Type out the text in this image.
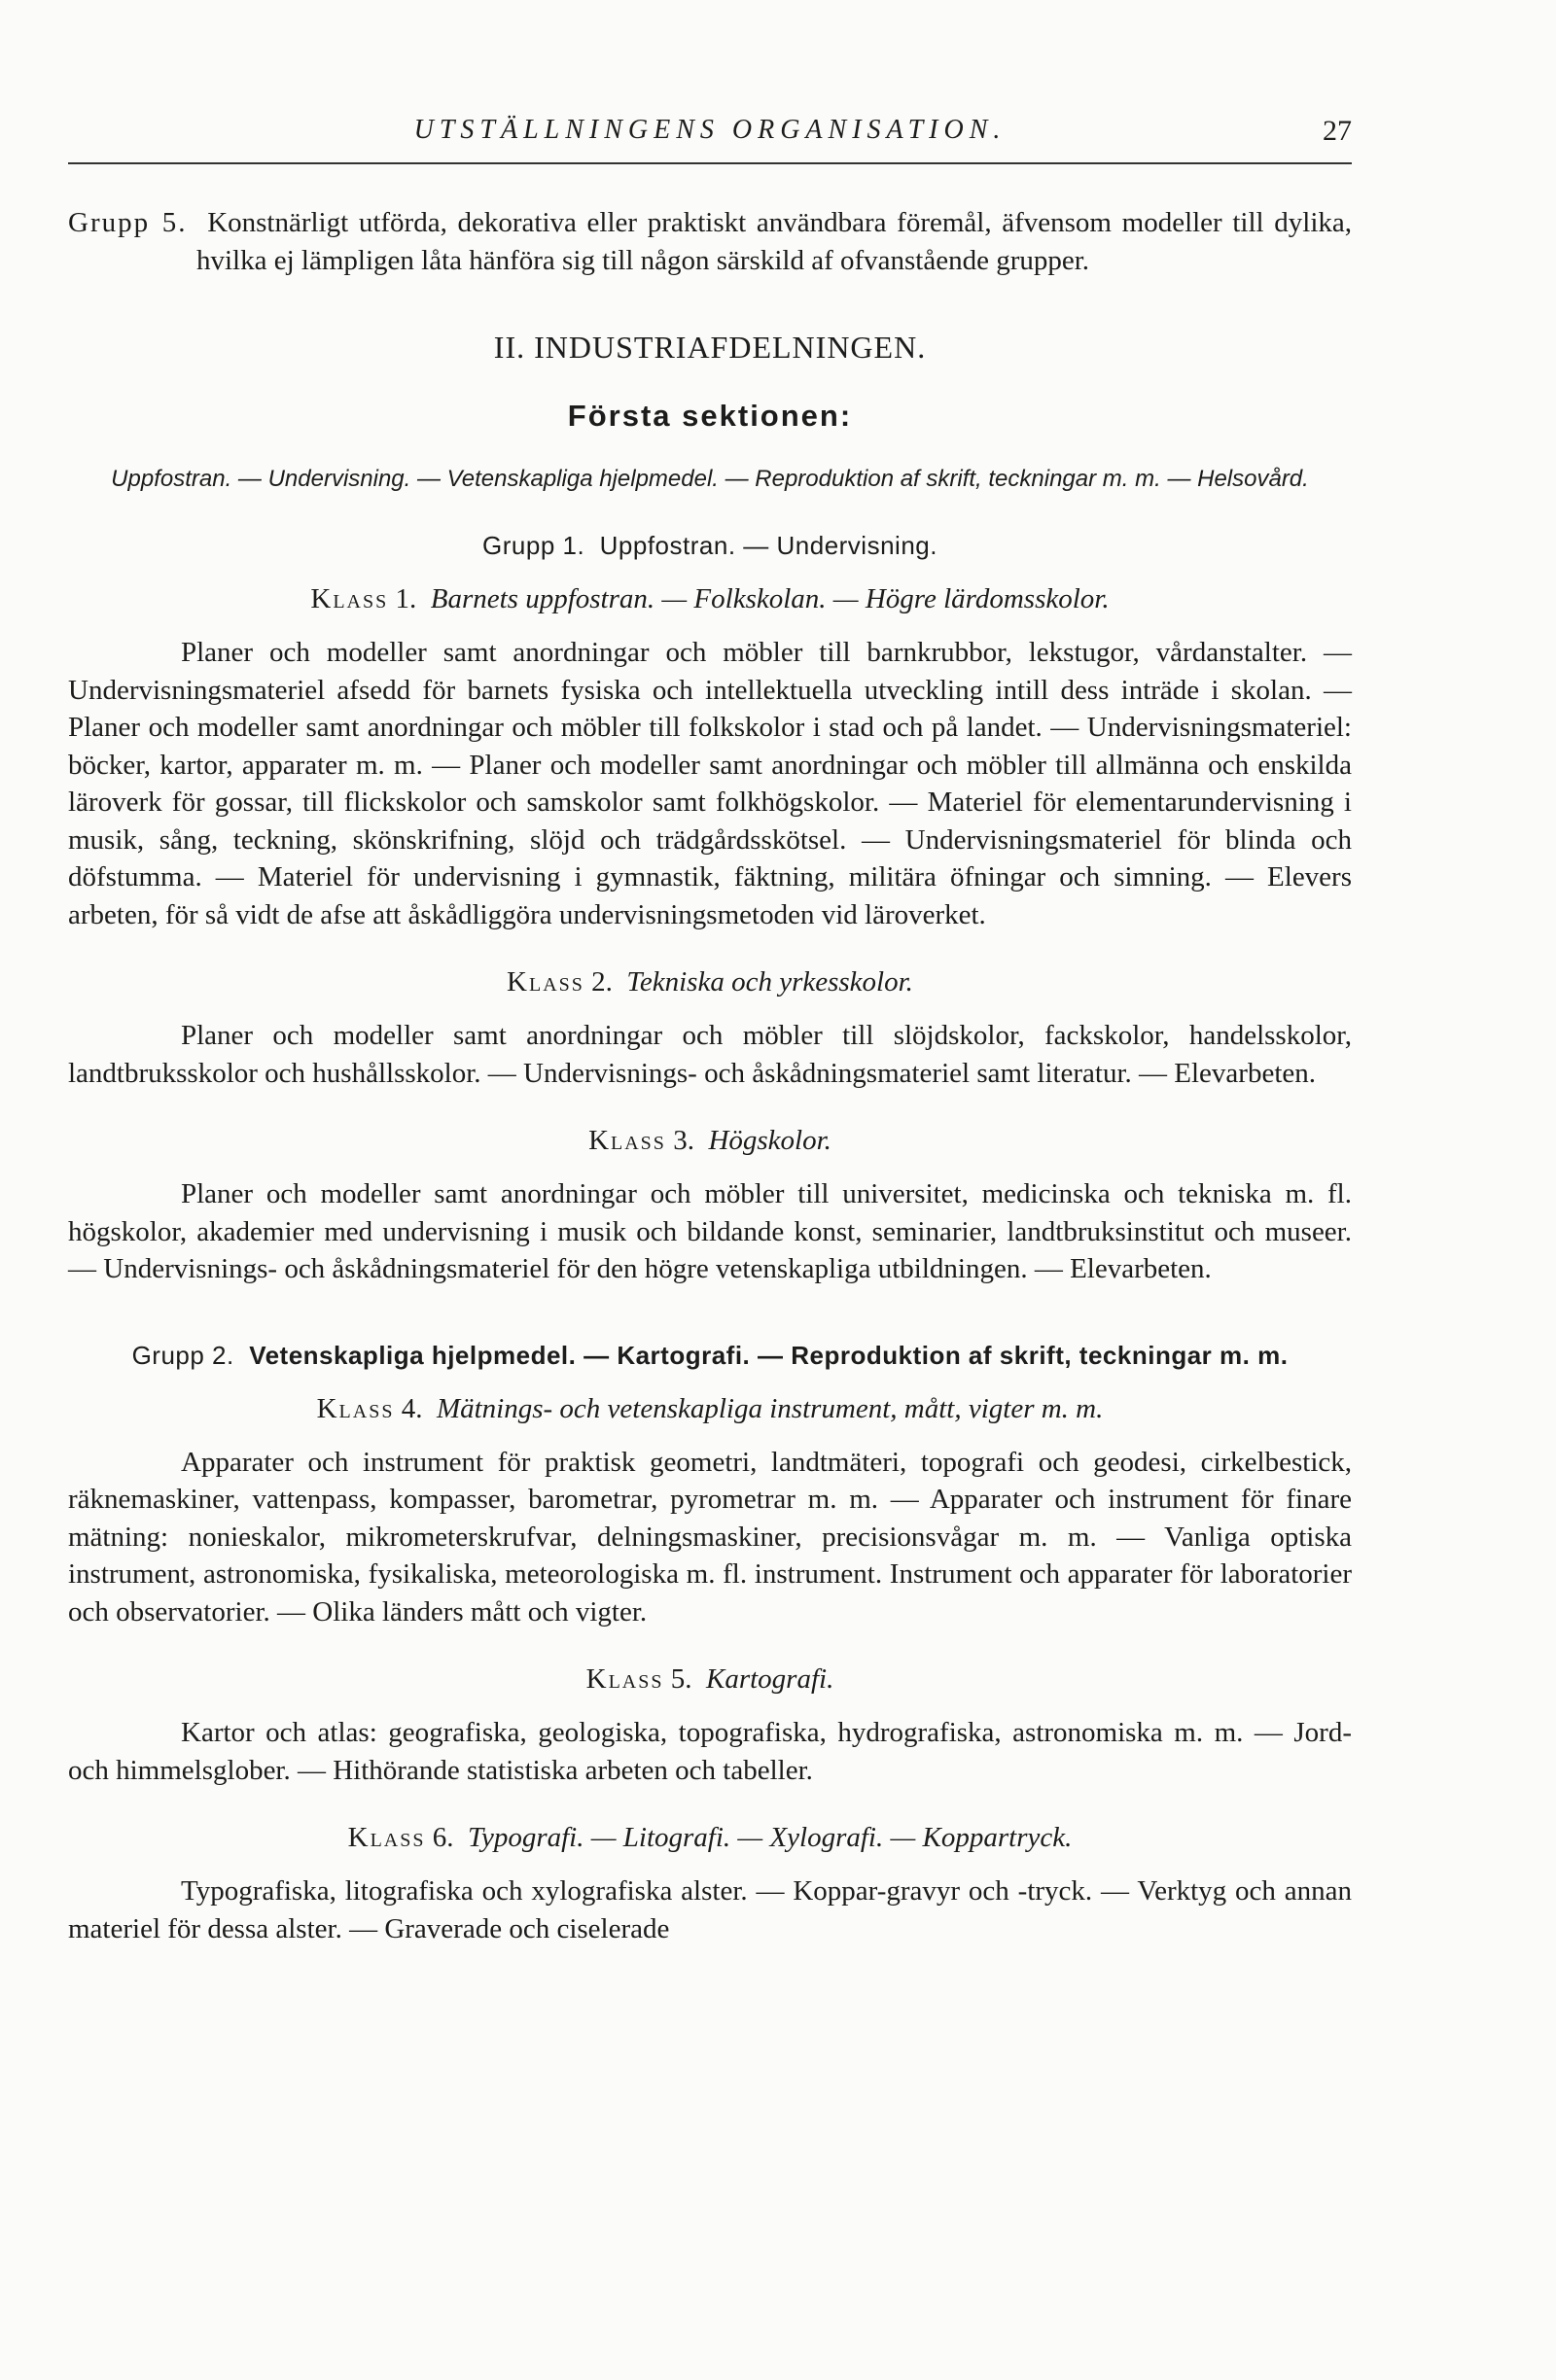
UTSTÄLLNINGENS ORGANISATION.	27

Grupp 5. Konstnärligt utförda, dekorativa eller praktiskt användbara föremål, äfvensom modeller till dylika, hvilka ej lämpligen låta hänföra sig till någon särskild af ofvanstående grupper.

II. INDUSTRIAFDELNINGEN.
Första sektionen:
Uppfostran. — Undervisning. — Vetenskapliga hjelpmedel. — Reproduktion af skrift, teckningar m. m. — Helsovård.
Grupp 1. Uppfostran. — Undervisning.
Klass 1. Barnets uppfostran. — Folkskolan. — Högre lärdomsskolor.

Planer och modeller samt anordningar och möbler till barnkrubbor, lekstugor, vårdanstalter. — Undervisningsmateriel afsedd för barnets fysiska och intellektuella utveckling intill dess inträde i skolan. — Planer och modeller samt anordningar och möbler till folkskolor i stad och på landet. — Undervisningsmateriel: böcker, kartor, apparater m. m. — Planer och modeller samt anordningar och möbler till allmänna och enskilda läroverk för gossar, till flickskolor och samskolor samt folkhögskolor. — Materiel för elementarundervisning i musik, sång, teckning, skönskrifning, slöjd och trädgårdsskötsel. — Undervisningsmateriel för blinda och döfstumma. — Materiel för undervisning i gymnastik, fäktning, militära öfningar och simning. — Elevers arbeten, för så vidt de afse att åskådliggöra undervisningsmetoden vid läroverket.

Klass 2. Tekniska och yrkesskolor.

Planer och modeller samt anordningar och möbler till slöjdskolor, fackskolor, handelsskolor, landtbruksskolor och hushållsskolor. — Undervisnings- och åskådningsmateriel samt literatur. — Elevarbeten.

Klass 3. Högskolor.

Planer och modeller samt anordningar och möbler till universitet, medicinska och tekniska m. fl. högskolor, akademier med undervisning i musik och bildande konst, seminarier, landtbruksinstitut och museer. — Undervisnings- och åskådningsmateriel för den högre vetenskapliga utbildningen. — Elevarbeten.

Grupp 2. Vetenskapliga hjelpmedel. — Kartografi. — Reproduktion af skrift, teckningar m. m.
Klass 4. Mätnings- och vetenskapliga instrument, mått, vigter m. m.

Apparater och instrument för praktisk geometri, landtmäteri, topografi och geodesi, cirkelbestick, räknemaskiner, vattenpass, kompasser, barometrar, pyrometrar m. m. — Apparater och instrument för finare mätning: nonieskalor, mikrometerskrufvar, delningsmaskiner, precisionsvågar m. m. — Vanliga optiska instrument, astronomiska, fysikaliska, meteorologiska m. fl. instrument. Instrument och apparater för laboratorier och observatorier. — Olika länders mått och vigter.

Klass 5. Kartografi.

Kartor och atlas: geografiska, geologiska, topografiska, hydrografiska, astronomiska m. m. — Jord- och himmelsglober. — Hithörande statistiska arbeten och tabeller.

Klass 6. Typografi. — Litografi. — Xylografi. — Koppartryck.

Typografiska, litografiska och xylografiska alster. — Koppar-gravyr och -tryck. — Verktyg och annan materiel för dessa alster. — Graverade och ciselerade
